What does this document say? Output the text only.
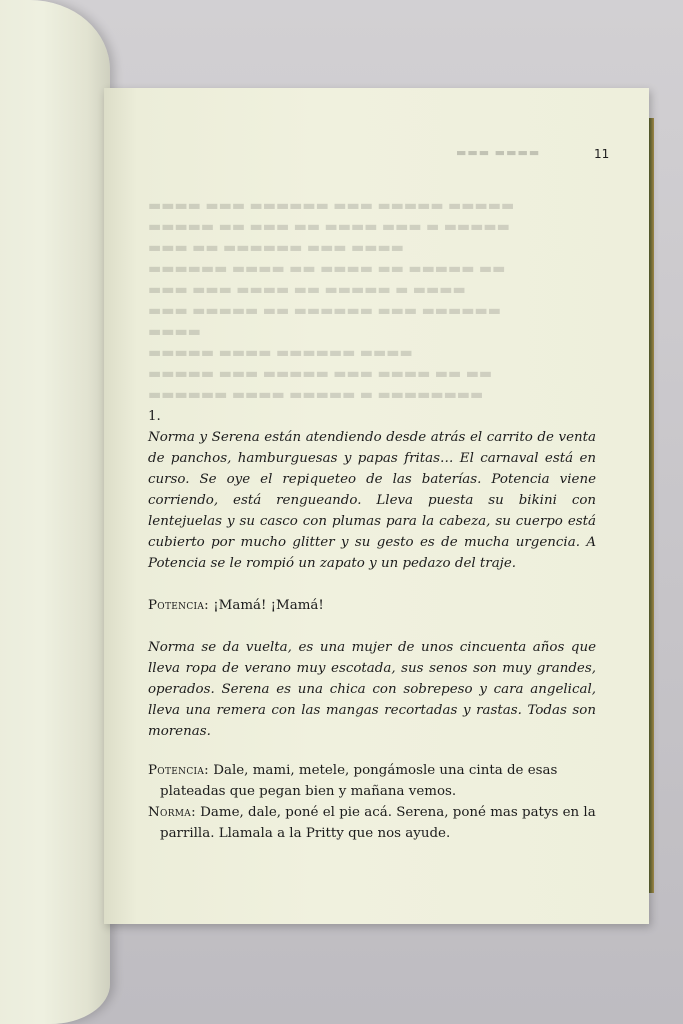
▬▬▬▬ ▬▬▬ ▬▬▬▬▬▬ ▬▬▬ ▬▬▬▬▬ ▬▬▬▬▬
▬▬▬▬▬ ▬▬ ▬▬▬ ▬▬ ▬▬▬▬ ▬▬▬ ▬ ▬▬▬▬▬
▬▬▬ ▬▬ ▬▬▬▬▬▬ ▬▬▬ ▬▬▬▬
▬▬▬▬▬▬ ▬▬▬▬ ▬▬ ▬▬▬▬ ▬▬ ▬▬▬▬▬ ▬▬
▬▬▬ ▬▬▬ ▬▬▬▬ ▬▬ ▬▬▬▬▬ ▬ ▬▬▬▬
▬▬▬ ▬▬▬▬▬ ▬▬ ▬▬▬▬▬▬ ▬▬▬ ▬▬▬▬▬▬
▬▬▬▬
▬▬▬▬▬ ▬▬▬▬ ▬▬▬▬▬▬ ▬▬▬▬
▬▬▬▬▬ ▬▬▬ ▬▬▬▬▬ ▬▬▬ ▬▬▬▬ ▬▬ ▬▬
▬▬▬▬▬▬ ▬▬▬▬ ▬▬▬▬▬ ▬ ▬▬▬▬▬▬▬▬
▬▬▬ ▬▬▬▬	11
1.
Norma y Serena están atendiendo desde atrás el carrito de venta de panchos, hamburguesas y papas fritas… El carnaval está en curso. Se oye el repiqueteo de las baterías. Potencia viene corriendo, está rengueando. Lleva puesta su bikini con lentejuelas y su casco con plumas para la cabeza, su cuerpo está cubierto por mucho glitter y su gesto es de mucha urgencia. A Potencia se le rompió un zapato y un pedazo del traje.
Potencia: ¡Mamá! ¡Mamá!
Norma se da vuelta, es una mujer de unos cincuenta años que lleva ropa de verano muy escotada, sus senos son muy grandes, operados. Serena es una chica con sobrepeso y cara angelical, lleva una remera con las mangas recortadas y rastas. Todas son morenas.
Potencia: Dale, mami, metele, pongámosle una cinta de esas plateadas que pegan bien y mañana vemos.
Norma: Dame, dale, poné el pie acá. Serena, poné mas patys en la parrilla. Llamala a la Pritty que nos ayude.
